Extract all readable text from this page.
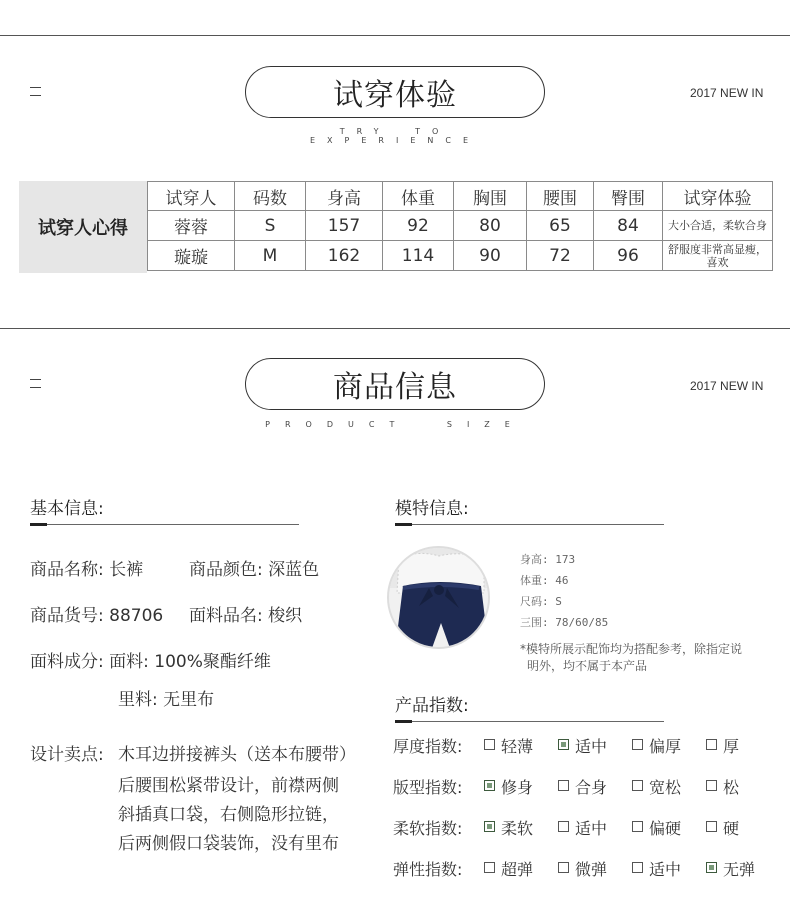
试穿体验
TRY TO EXPERIENCE
2017 NEW IN
试穿人心得
试穿人	码数	身高	体重	胸围	腰围	臀围	试穿体验
蓉蓉	S	157	92	80	65	84	大小合适，柔软合身
璇璇	M	162	114	90	72	96	舒服度非常高显瘦，喜欢
商品信息
PRODUCT SIZE
2017 NEW IN
基本信息:
商品名称: 长裤	商品颜色: 深蓝色
商品货号: 88706 面料品名: 梭织
面料成分: 面料: 100%聚酯纤维
里料: 无里布
设计卖点: 木耳边拼接裤头（送本布腰带）
后腰围松紧带设计，前襟两侧
斜插真口袋，右侧隐形拉链，
后两侧假口袋装饰，没有里布
模特信息:
身高: 173
体重: 46
尺码: S
三围: 78/60/85
*模特所展示配饰均为搭配参考，除指定说
明外，均不属于本产品
产品指数:
厚度指数: 轻薄	适中	偏厚	厚
版型指数: 修身	合身	宽松	松
柔软指数: 柔软	适中	偏硬	硬
弹性指数: 超弹	微弹	适中	无弹
